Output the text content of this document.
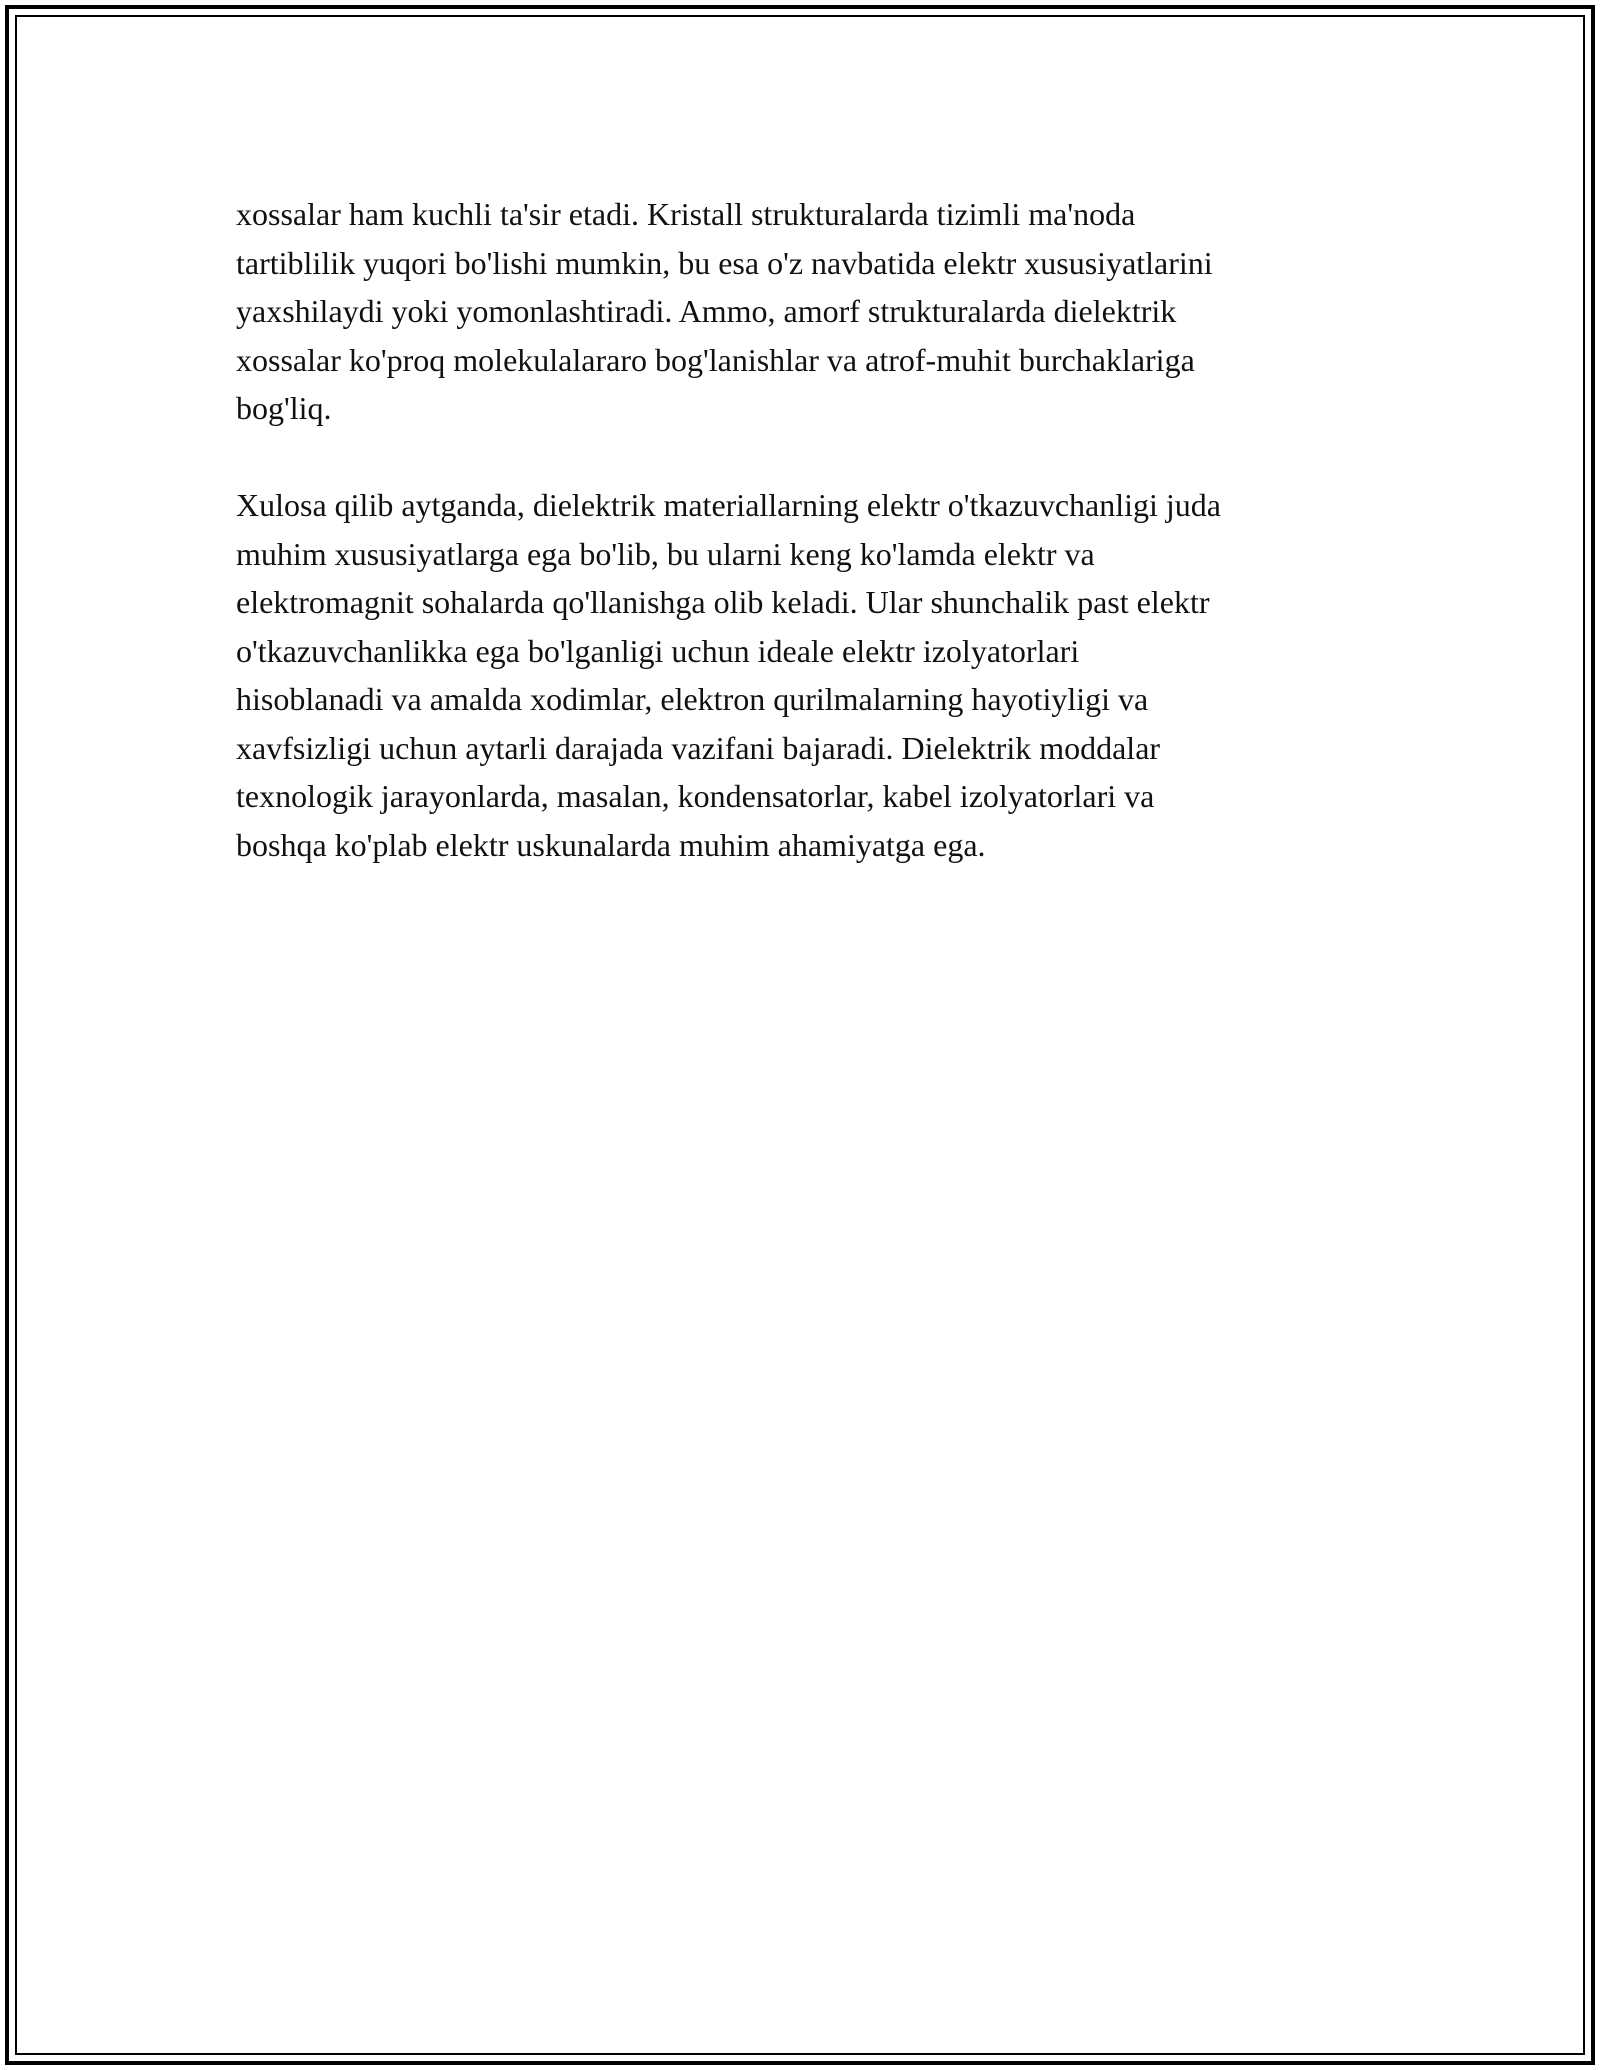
xossalar ham kuchli ta'sir etadi. Kristall strukturalarda tizimli ma'noda
tartiblilik yuqori bo'lishi mumkin, bu esa o'z navbatida elektr xususiyatlarini
yaxshilaydi yoki yomonlashtiradi. Ammo, amorf strukturalarda dielektrik
xossalar ko'proq molekulalararo bog'lanishlar va atrof-muhit burchaklariga
bog'liq.

Xulosa qilib aytganda, dielektrik materiallarning elektr o'tkazuvchanligi juda
muhim xususiyatlarga ega bo'lib, bu ularni keng ko'lamda elektr va
elektromagnit sohalarda qo'llanishga olib keladi. Ular shunchalik past elektr
o'tkazuvchanlikka ega bo'lganligi uchun ideale elektr izolyatorlari
hisoblanadi va amalda xodimlar, elektron qurilmalarning hayotiyligi va
xavfsizligi uchun aytarli darajada vazifani bajaradi. Dielektrik moddalar
texnologik jarayonlarda, masalan, kondensatorlar, kabel izolyatorlari va
boshqa ko'plab elektr uskunalarda muhim ahamiyatga ega.
